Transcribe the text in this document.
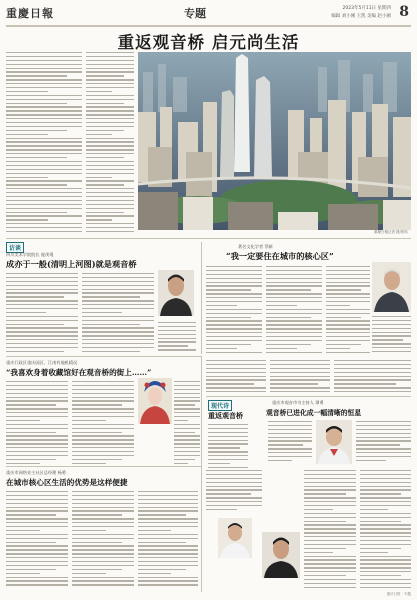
重慶日報	专题	2023年5月11日 星期四
编辑 刘小刚 王凯 美编 赵小刚 8
重返观音桥 启元尚生活
重慶日報记者 摄/资料
访谈
四川美术学院院长 庞茂琨
成亦于一般(清明上河图)就是观音桥
著名文化学者 蔡新
“我一定要住在城市的核心区”
重庆行政区重庆园区、江南有地机精况
“我喜欢身着收藏馆好在观音桥的街上……”
重庆市网络业主社区总经理 杨勇
在城市核心区生活的优势是这样便捷
现代诗
重返观音桥
重庆市观音市书主持人 谭勇
观音桥已进化成一幅清晰的恒星
重庆日报 · 专题
